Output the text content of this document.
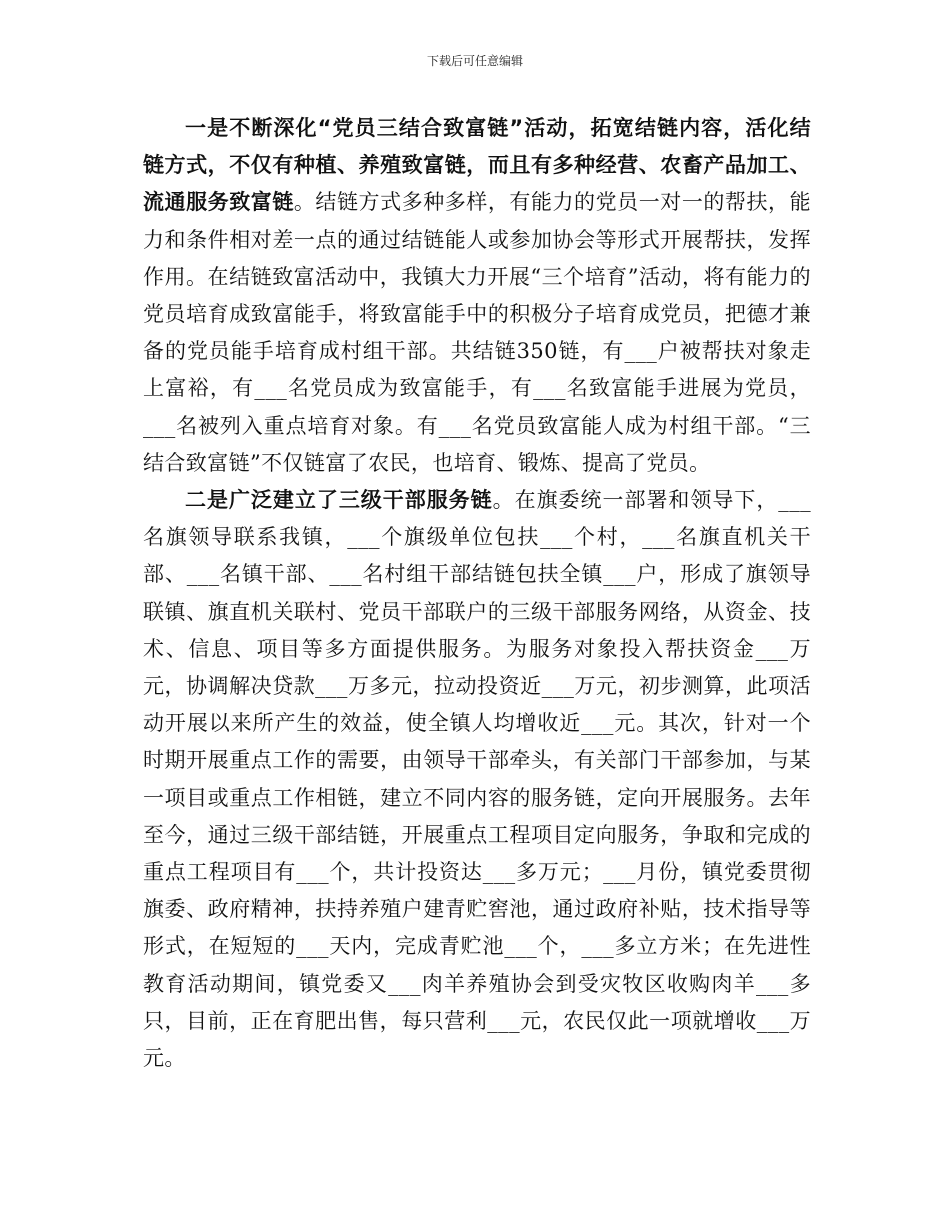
下载后可任意编辑

一是不断深化“党员三结合致富链”活动，拓宽结链内容，活化结链方式，不仅有种植、养殖致富链，而且有多种经营、农畜产品加工、流通服务致富链。结链方式多种多样，有能力的党员一对一的帮扶，能力和条件相对差一点的通过结链能人或参加协会等形式开展帮扶，发挥作用。在结链致富活动中，我镇大力开展“三个培育”活动，将有能力的党员培育成致富能手，将致富能手中的积极分子培育成党员，把德才兼备的党员能手培育成村组干部。共结链350链，有___户被帮扶对象走上富裕，有___名党员成为致富能手，有___名致富能手进展为党员，___名被列入重点培育对象。有___名党员致富能人成为村组干部。“三结合致富链”不仅链富了农民，也培育、锻炼、提高了党员。

二是广泛建立了三级干部服务链。在旗委统一部署和领导下，___名旗领导联系我镇，___个旗级单位包扶___个村，___名旗直机关干部、___名镇干部、___名村组干部结链包扶全镇___户，形成了旗领导联镇、旗直机关联村、党员干部联户的三级干部服务网络，从资金、技术、信息、项目等多方面提供服务。为服务对象投入帮扶资金___万元，协调解决贷款___万多元，拉动投资近___万元，初步测算，此项活动开展以来所产生的效益，使全镇人均增收近___元。其次，针对一个时期开展重点工作的需要，由领导干部牵头，有关部门干部参加，与某一项目或重点工作相链，建立不同内容的服务链，定向开展服务。去年至今，通过三级干部结链，开展重点工程项目定向服务，争取和完成的重点工程项目有___个，共计投资达___多万元；___月份，镇党委贯彻旗委、政府精神，扶持养殖户建青贮窖池，通过政府补贴，技术指导等形式，在短短的___天内，完成青贮池___个，___多立方米；在先进性教育活动期间，镇党委又___肉羊养殖协会到受灾牧区收购肉羊___多只，目前，正在育肥出售，每只营利___元，农民仅此一项就增收___万元。
